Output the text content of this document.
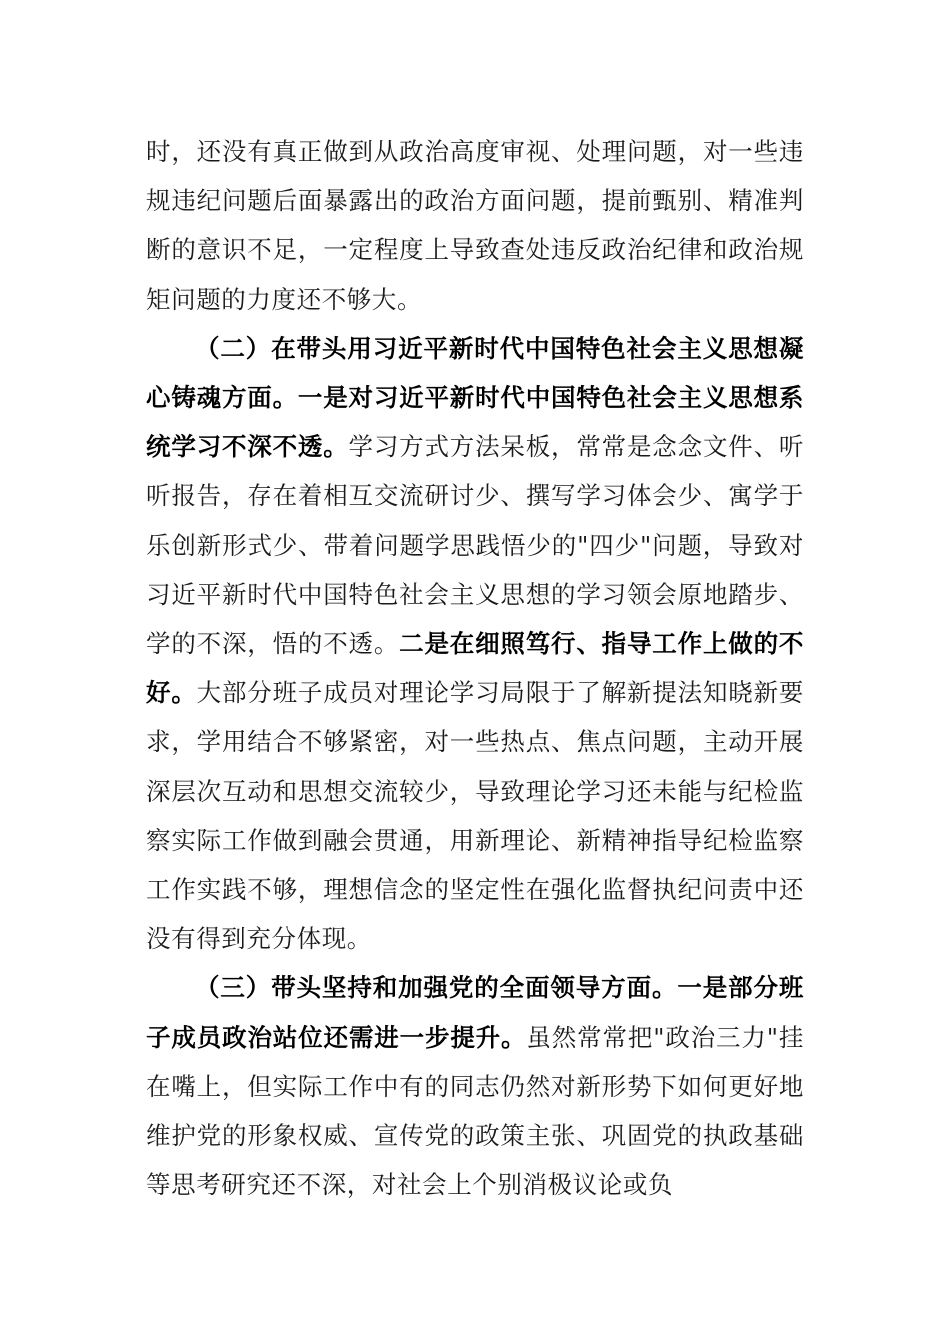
时，还没有真正做到从政治高度审视、处理问题，对一些违规违纪问题后面暴露出的政治方面问题，提前甄别、精准判断的意识不足，一定程度上导致查处违反政治纪律和政治规矩问题的力度还不够大。

（二）在带头用习近平新时代中国特色社会主义思想凝心铸魂方面。一是对习近平新时代中国特色社会主义思想系统学习不深不透。学习方式方法呆板，常常是念念文件、听听报告，存在着相互交流研讨少、撰写学习体会少、寓学于乐创新形式少、带着问题学思践悟少的"四少"问题，导致对习近平新时代中国特色社会主义思想的学习领会原地踏步、学的不深，悟的不透。二是在细照笃行、指导工作上做的不好。大部分班子成员对理论学习局限于了解新提法知晓新要求，学用结合不够紧密，对一些热点、焦点问题，主动开展深层次互动和思想交流较少，导致理论学习还未能与纪检监察实际工作做到融会贯通，用新理论、新精神指导纪检监察工作实践不够，理想信念的坚定性在强化监督执纪问责中还没有得到充分体现。

（三）带头坚持和加强党的全面领导方面。一是部分班子成员政治站位还需进一步提升。虽然常常把"政治三力"挂在嘴上，但实际工作中有的同志仍然对新形势下如何更好地维护党的形象权威、宣传党的政策主张、巩固党的执政基础等思考研究还不深，对社会上个别消极议论或负
